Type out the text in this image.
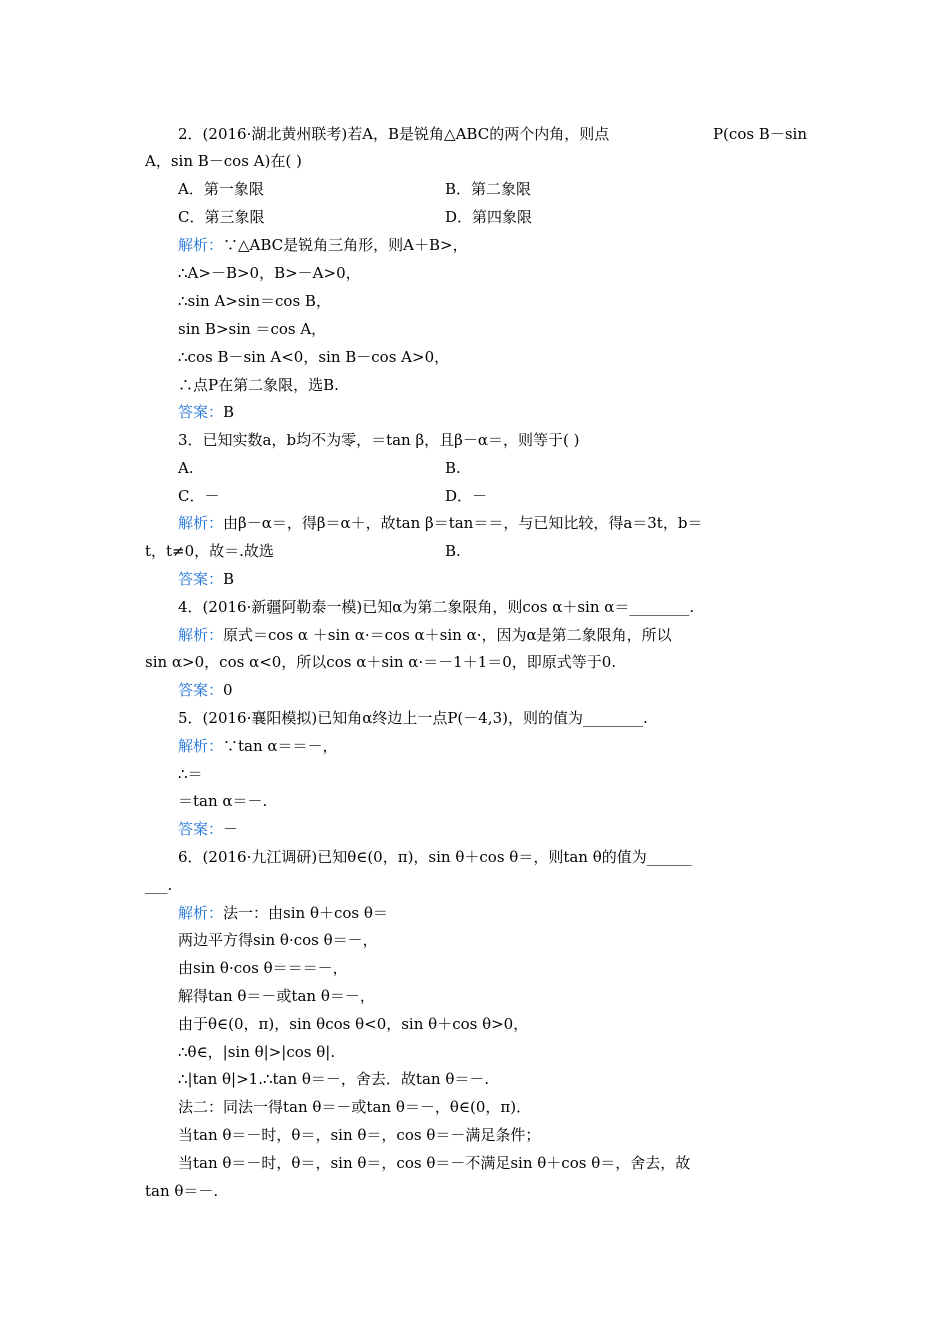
2．(2016·湖北黄州联考)若A，B是锐角△ABC的两个内角，则点	P(cos B－sin
A，sin B－cos A)在( )
A．第一象限	B．第二象限
C．第三象限	D．第四象限
解析：∵△ABC是锐角三角形，则A＋B>，
∴A>－B>0，B>－A>0，
∴sin A>sin＝cos B，
sin B>sin ＝cos A，
∴cos B－sin A<0，sin B－cos A>0，
∴点P在第二象限，选B.
答案：B
3．已知实数a，b均不为零，＝tan β，且β－α＝，则等于( )
A.	B.
C．－	D．－
解析：由β－α＝，得β＝α＋，故tan β＝tan＝＝，与已知比较，得a＝3t，b＝
t，t≠0，故＝.故选	B.
答案：B
4．(2016·新疆阿勒泰一模)已知α为第二象限角，则cos α＋sin α＝________.
解析：原式＝cos α ＋sin α·＝cos α＋sin α·，因为α是第二象限角，所以
sin α>0，cos α<0，所以cos α＋sin α·＝－1＋1＝0，即原式等于0.
答案：0
5．(2016·襄阳模拟)已知角α终边上一点P(－4,3)，则的值为________.
解析：∵tan α＝＝－，
∴＝
＝tan α＝－.
答案：－
6．(2016·九江调研)已知θ∈(0，π)，sin θ＋cos θ＝，则tan θ的值为______
___.
解析：法一：由sin θ＋cos θ＝
两边平方得sin θ·cos θ＝－，
由sin θ·cos θ＝＝＝－，
解得tan θ＝－或tan θ＝－，
由于θ∈(0，π)，sin θcos θ<0，sin θ＋cos θ>0，
∴θ∈，|sin θ|>|cos θ|.
∴|tan θ|>1.∴tan θ＝－，舍去．故tan θ＝－.
法二：同法一得tan θ＝－或tan θ＝－，θ∈(0，π)．
当tan θ＝－时，θ＝，sin θ＝，cos θ＝－满足条件；
当tan θ＝－时，θ＝，sin θ＝，cos θ＝－不满足sin θ＋cos θ＝，舍去，故
tan θ＝－.
